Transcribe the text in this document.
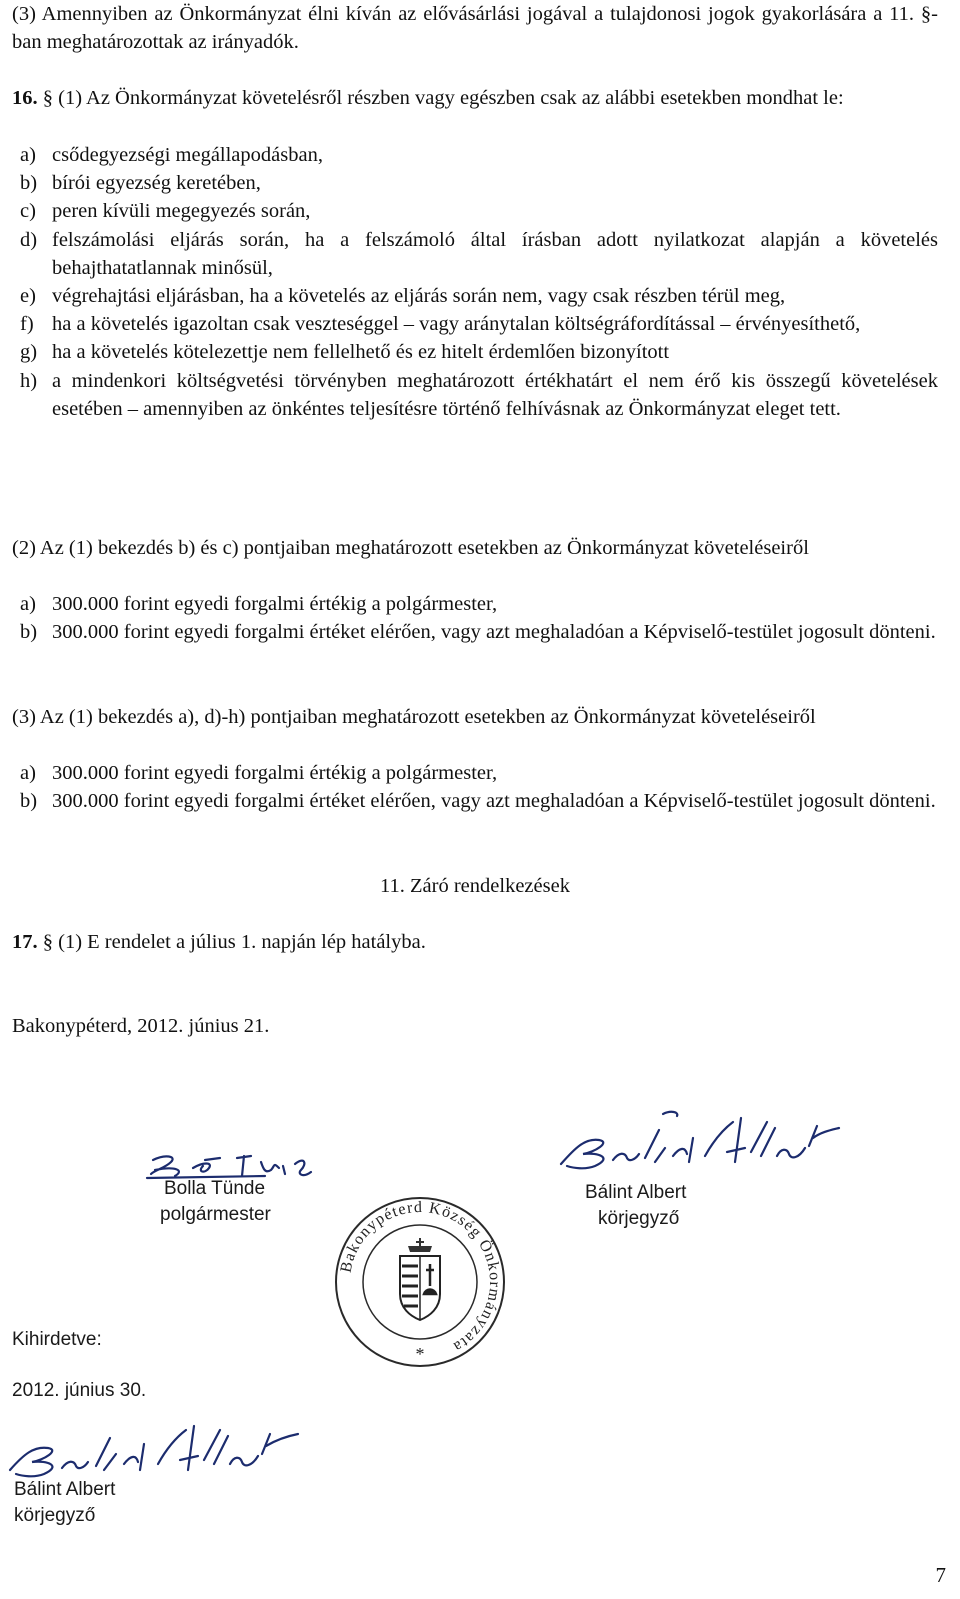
(3) Amennyiben az Önkormányzat élni kíván az elővásárlási jogával a tulajdonosi jogok gyakorlására a 11. §-ban meghatározottak az irányadók.

16. § (1) Az Önkormányzat követelésről részben vagy egészben csak az alábbi esetekben mondhat le:

a) csődegyezségi megállapodásban,
b) bírói egyezség keretében,
c) peren kívüli megegyezés során,
d) felszámolási eljárás során, ha a felszámoló által írásban adott nyilatkozat alapján a követelés behajthatatlannak minősül,
e) végrehajtási eljárásban, ha a követelés az eljárás során nem, vagy csak részben térül meg,
f) ha a követelés igazoltan csak veszteséggel – vagy aránytalan költségráfordítással – érvényesíthető,
g) ha a követelés kötelezettje nem fellelhető és ez hitelt érdemlően bizonyított
h) a mindenkori költségvetési törvényben meghatározott értékhatárt el nem érő kis összegű követelések esetében – amennyiben az önkéntes teljesítésre történő felhívásnak az Önkormányzat eleget tett.

(2) Az (1) bekezdés b) és c) pontjaiban meghatározott esetekben az Önkormányzat követeléseiről

a) 300.000 forint egyedi forgalmi értékig a polgármester,
b) 300.000 forint egyedi forgalmi értéket elérően, vagy azt meghaladóan a Képviselő-testület jogosult dönteni.

(3) Az (1) bekezdés a), d)-h) pontjaiban meghatározott esetekben az Önkormányzat követeléseiről

a) 300.000 forint egyedi forgalmi értékig a polgármester,
b) 300.000 forint egyedi forgalmi értéket elérően, vagy azt meghaladóan a Képviselő-testület jogosult dönteni.

11. Záró rendelkezések

17. § (1) E rendelet a július 1. napján lép hatályba.

Bakonypéterd, 2012. június 21.

Bolla Tünde
polgármester
Bálint Albert
körjegyző
Bakonypéterd Község Önkormányzata
*
Kihirdetve:
2012. június 30.
Bálint Albert
körjegyző
7
